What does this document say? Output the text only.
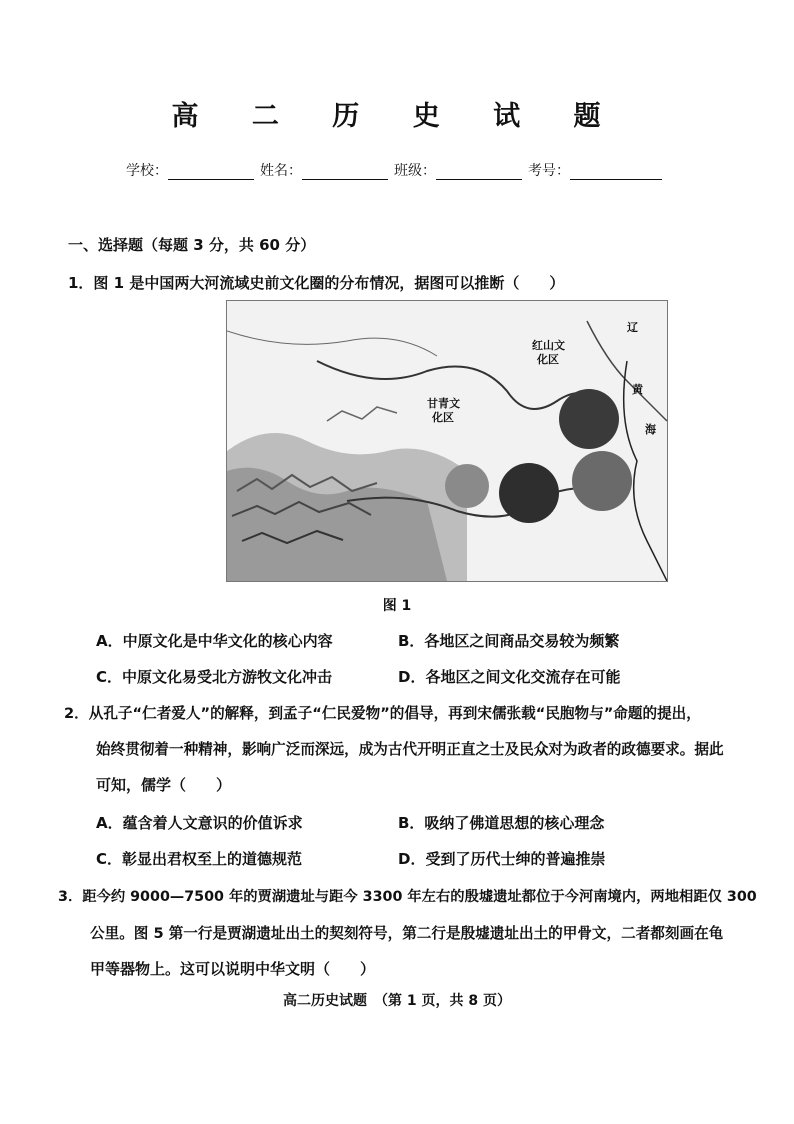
高 二 历 史 试 题
学校：	姓名：	班级：	考号：
一、选择题（每题 3 分，共 60 分）
1．图 1 是中国两大河流域史前文化圈的分布情况，据图可以推断（　　）
辽
红山文
化区
甘青文
化区
黄
海
图 1
A．中原文化是中华文化的核心内容	B．各地区之间商品交易较为频繁
C．中原文化易受北方游牧文化冲击	D．各地区之间文化交流存在可能
2．从孔子“仁者爱人”的解释，到孟子“仁民爱物”的倡导，再到宋儒张载“民胞物与”命题的提出，
始终贯彻着一种精神，影响广泛而深远，成为古代开明正直之士及民众对为政者的政德要求。据此
可知，儒学（　　）
A．蕴含着人文意识的价值诉求	B．吸纳了佛道思想的核心理念
C．彰显出君权至上的道德规范	D．受到了历代士绅的普遍推崇
3．距今约 9000—7500 年的贾湖遗址与距今 3300 年左右的殷墟遗址都位于今河南境内，两地相距仅 300
公里。图 5 第一行是贾湖遗址出土的契刻符号，第二行是殷墟遗址出土的甲骨文，二者都刻画在龟
甲等器物上。这可以说明中华文明（　　）
高二历史试题　（第 1 页，共 8 页）
